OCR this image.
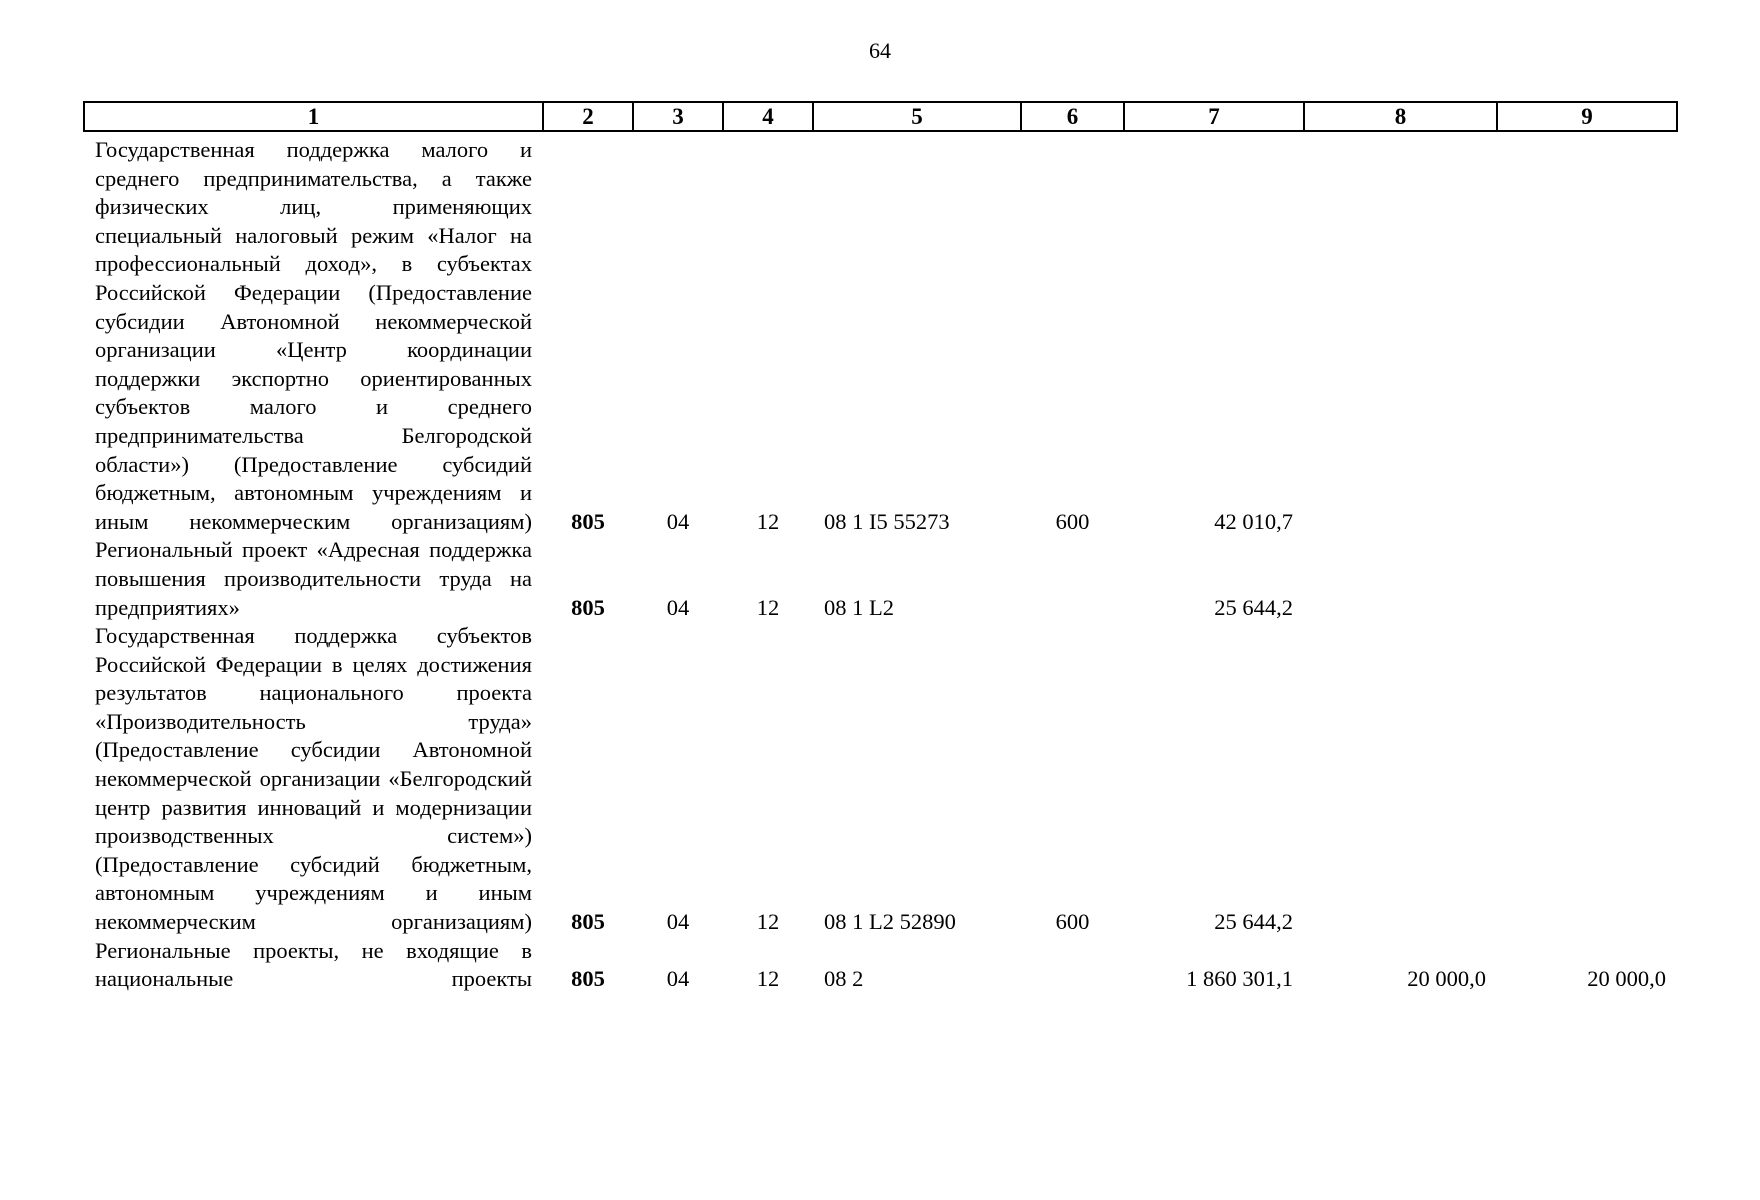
64
1	2	3	4	5	6	7	8	9
Государственная поддержка малого и среднего предпринимательства, а также физических лиц, применяющих специальный налоговый режим «Налог на профессиональный доход», в субъектах Российской Федерации (Предоставление субсидии Автономной некоммерческой организации «Центр координации поддержки экспортно ориентированных субъектов малого и среднего предпринимательства Белгородской области») (Предоставление субсидий бюджетным, автономным учреждениям и иным некоммерческим организациям)	805	04	12	08 1 I5 55273	600	42 010,7		
Региональный проект «Адресная поддержка повышения производительности труда на предприятиях»	805	04	12	08 1 L2		25 644,2		
Государственная поддержка субъектов Российской Федерации в целях достижения результатов национального проекта «Производительность труда» (Предоставление субсидии Автономной некоммерческой организации «Белгородский центр развития инноваций и модернизации производственных систем») (Предоставление субсидий бюджетным, автономным учреждениям и иным некоммерческим организациям)	805	04	12	08 1 L2 52890	600	25 644,2		
Региональные проекты, не входящие в национальные проекты	805	04	12	08 2		1 860 301,1	20 000,0	20 000,0
